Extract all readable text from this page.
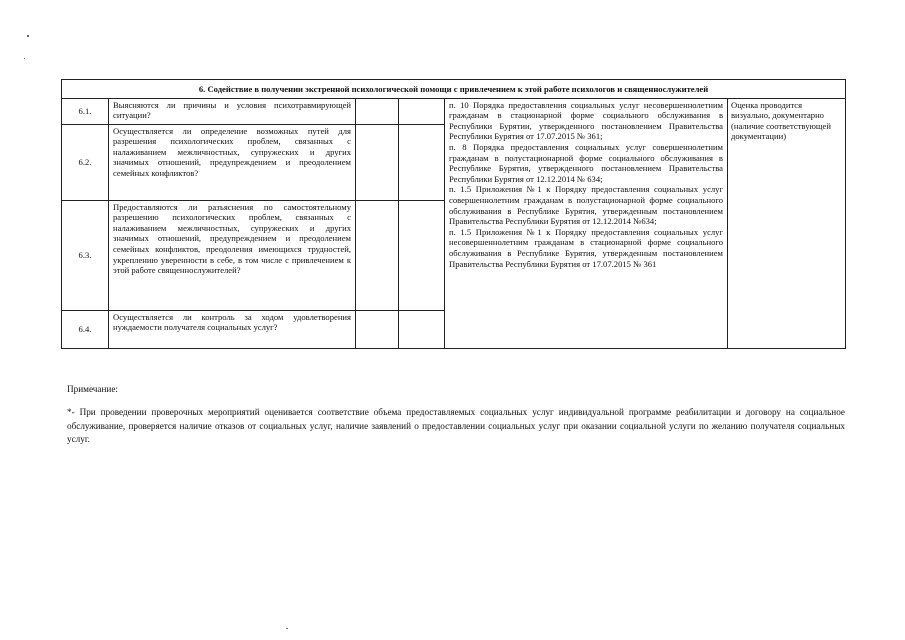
6. Содействие в получении экстренной психологической помощи с привлечением к этой работе психологов и священнослужителей					
6.1.	Выясняются ли причины и условия психотравмирующей ситуации?			п. 10 Порядка предоставления социальных услуг несовершеннолетним гражданам в стационарной форме социального обслуживания в Республики Бурятии, утвержденного постановлением Правительства Республики Бурятия от 17.07.2015 № 361;

п. 8 Порядка предоставления социальных услуг совершеннолетним гражданам в полустационарной форме социального обслуживания в Республике Бурятия, утвержденного постановлением Правительства Республики Бурятия от 12.12.2014 № 634;

п. 1.5 Приложения №1 к Порядку предоставления социальных услуг совершеннолетним гражданам в полустационарной форме социального обслуживания в Республике Бурятия, утвержденным постановлением Правительства Республики Бурятия от 12.12.2014 №634;

п. 1.5 Приложения №1 к Порядку предоставления социальных услуг несовершеннолетним гражданам в стационарной форме социального обслуживания в Республике Бурятия, утвержденным постановлением Правительства Республики Бурятия от 17.07.2015 № 361	Оценка проводится визуально, документарно (наличие соответствующей документации)
6.2.	Осуществляется ли определение возможных путей для разрешения психологических проблем, связанных с налаживанием межличностных, супружеских и других значимых отношений, предупреждением и преодолением семейных конфликтов?				
6.3.	Предоставляются ли разъяснения по самостоятельному разрешению психологических проблем, связанных с налаживанием межличностных, супружеских и других значимых отношений, предупреждением и преодолением семейных конфликтов, преодоления имеющихся трудностей, укреплению уверенности в себе, в том числе с привлечением к этой работе священнослужителей?				
6.4.	Осуществляется ли контроль за ходом удовлетворения нуждаемости получателя социальных услуг?				
Примечание:

*- При проведении проверочных мероприятий оценивается соответствие объема предоставляемых социальных услуг индивидуальной программе реабилитации и договору на социальное обслуживание, проверяется наличие отказов от социальных услуг, наличие заявлений о предоставлении социальных услуг при оказании социальной услуги по желанию получателя социальных услуг.
